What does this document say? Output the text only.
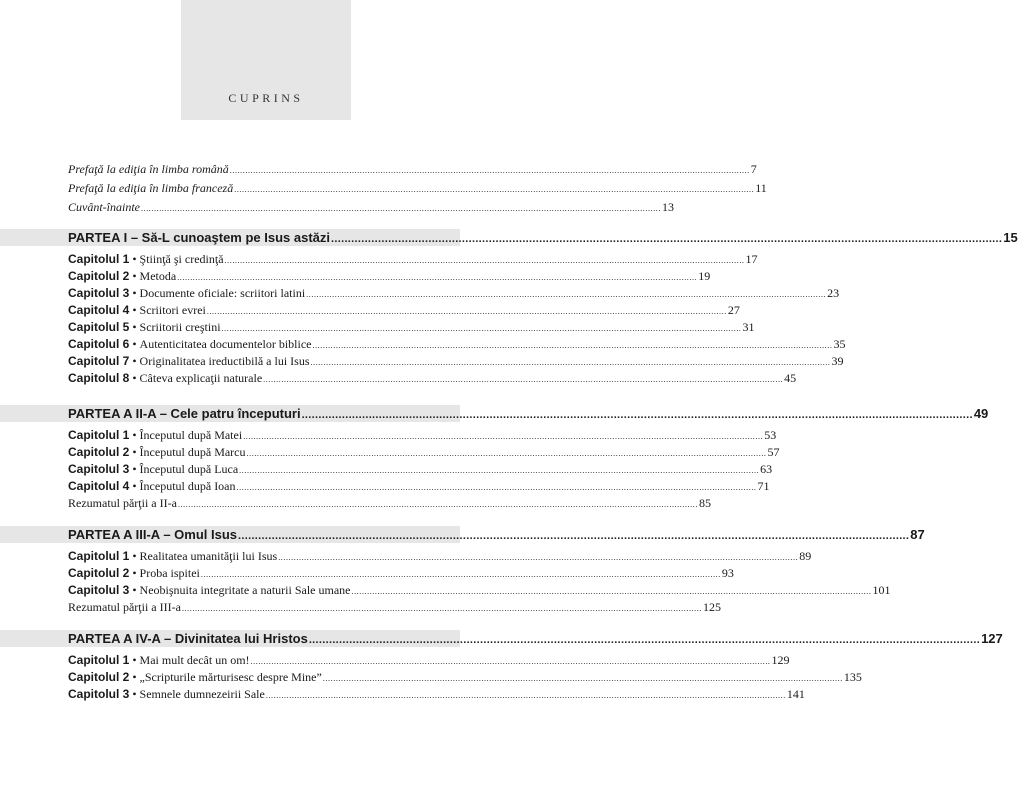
CUPRINS
Prefaţă la ediţia în limba română ........................................................................................................................................................................................................ 7
Prefaţă la ediţia în limba franceză ........................................................................................................................................................................................................ 11
Cuvânt-înainte ........................................................................................................................................................................................................ 13
PARTEA I – Să-L cunoaştem pe Isus astăzi ........................................................................................................................................................................................................ 15
Capitolul 1 • Ştiinţă şi credinţă ........................................................................................................................................................................................................ 17
Capitolul 2 • Metoda ........................................................................................................................................................................................................ 19
Capitolul 3 • Documente oficiale: scriitori latini ........................................................................................................................................................................................................ 23
Capitolul 4 • Scriitori evrei ........................................................................................................................................................................................................ 27
Capitolul 5 • Scriitorii creştini ........................................................................................................................................................................................................ 31
Capitolul 6 • Autenticitatea documentelor biblice ........................................................................................................................................................................................................ 35
Capitolul 7 • Originalitatea ireductibilă a lui Isus ........................................................................................................................................................................................................ 39
Capitolul 8 • Câteva explicaţii naturale ........................................................................................................................................................................................................ 45
PARTEA A II-A – Cele patru începuturi ........................................................................................................................................................................................................ 49
Capitolul 1 • Începutul după Matei ........................................................................................................................................................................................................ 53
Capitolul 2 • Începutul după Marcu ........................................................................................................................................................................................................ 57
Capitolul 3 • Începutul după Luca ........................................................................................................................................................................................................ 63
Capitolul 4 • Începutul după Ioan ........................................................................................................................................................................................................ 71
Rezumatul părţii a II-a ........................................................................................................................................................................................................ 85
PARTEA A III-A – Omul Isus ........................................................................................................................................................................................................ 87
Capitolul 1 • Realitatea umanităţii lui Isus ........................................................................................................................................................................................................ 89
Capitolul 2 • Proba ispitei ........................................................................................................................................................................................................ 93
Capitolul 3 • Neobişnuita integritate a naturii Sale umane ........................................................................................................................................................................................................ 101
Rezumatul părţii a III-a ........................................................................................................................................................................................................ 125
PARTEA A IV-A – Divinitatea lui Hristos ........................................................................................................................................................................................................ 127
Capitolul 1 • Mai mult decât un om! ........................................................................................................................................................................................................ 129
Capitolul 2 • „Scripturile mărturisesc despre Mine” ........................................................................................................................................................................................................ 135
Capitolul 3 • Semnele dumnezeirii Sale ........................................................................................................................................................................................................ 141
